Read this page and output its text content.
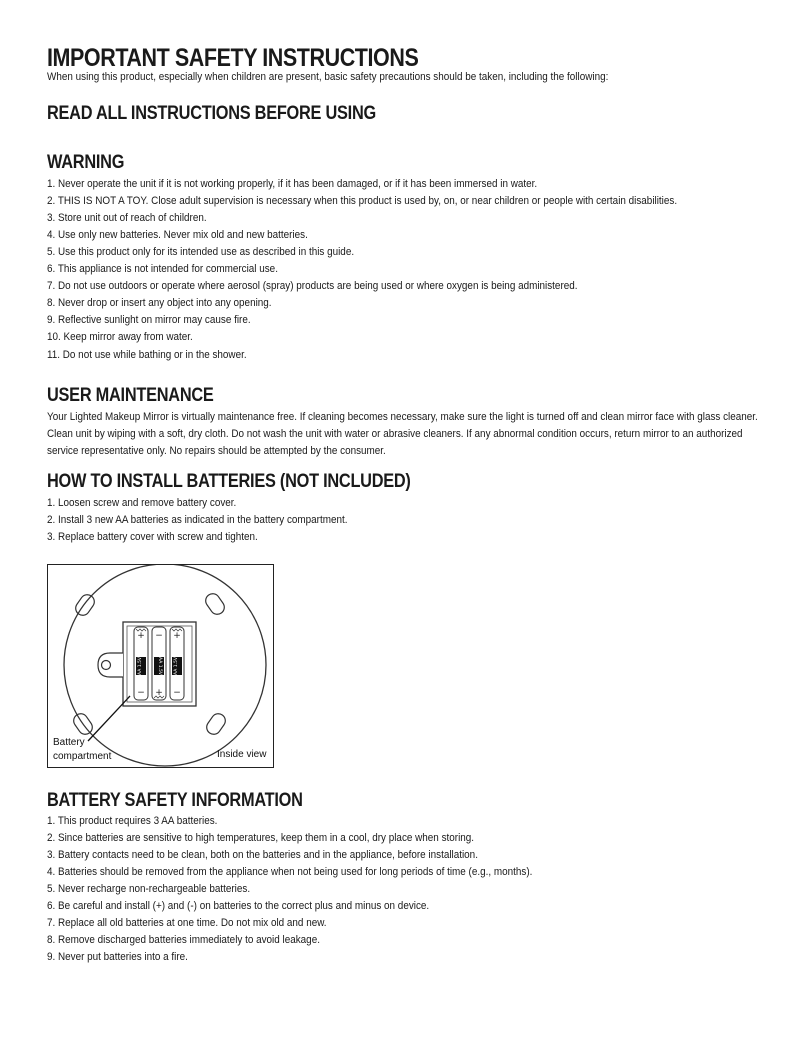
IMPORTANT SAFETY INSTRUCTIONS
When using this product, especially when children are present, basic safety precautions should be taken, including the following:
READ ALL INSTRUCTIONS BEFORE USING
WARNING
1. Never operate the unit if it is not working properly, if it has been damaged, or if it has been immersed in water.
2. THIS IS NOT A TOY. Close adult supervision is necessary when this product is used by, on, or near children or people with certain disabilities.
3. Store unit out of reach of children.
4. Use only new batteries. Never mix old and new batteries.
5. Use this product only for its intended use as described in this guide.
6. This appliance is not intended for commercial use.
7. Do not use outdoors or operate where aerosol (spray) products are being used or where oxygen is being administered.
8. Never drop or insert any object into any opening.
9. Reflective sunlight on mirror may cause fire.
10. Keep mirror away from water.
11. Do not use while bathing or in the shower.
USER MAINTENANCE
Your Lighted Makeup Mirror is virtually maintenance free. If cleaning becomes necessary, make sure the light is turned off and clean mirror face with glass cleaner. Clean unit by wiping with a soft, dry cloth. Do not wash the unit with water or abrasive cleaners. If any abnormal condition occurs, return mirror to an authorized service representative only. No repairs should be attempted by the consumer.
HOW TO INSTALL BATTERIES (NOT INCLUDED)
1. Loosen screw and remove battery cover.
2. Install 3 new AA batteries as indicated in the battery compartment.
3. Replace battery cover with screw and tighten.
AA 1.5V	AA 1.5V	AA 1.5V
+
−
−
+
+
−
Battery
compartment	Inside view
BATTERY SAFETY INFORMATION
1. This product requires 3 AA batteries.
2. Since batteries are sensitive to high temperatures, keep them in a cool, dry place when storing.
3. Battery contacts need to be clean, both on the batteries and in the appliance, before installation.
4. Batteries should be removed from the appliance when not being used for long periods of time (e.g., months).
5. Never recharge non-rechargeable batteries.
6. Be careful and install (+) and (-) on batteries to the correct plus and minus on device.
7. Replace all old batteries at one time. Do not mix old and new.
8. Remove discharged batteries immediately to avoid leakage.
9. Never put batteries into a fire.
